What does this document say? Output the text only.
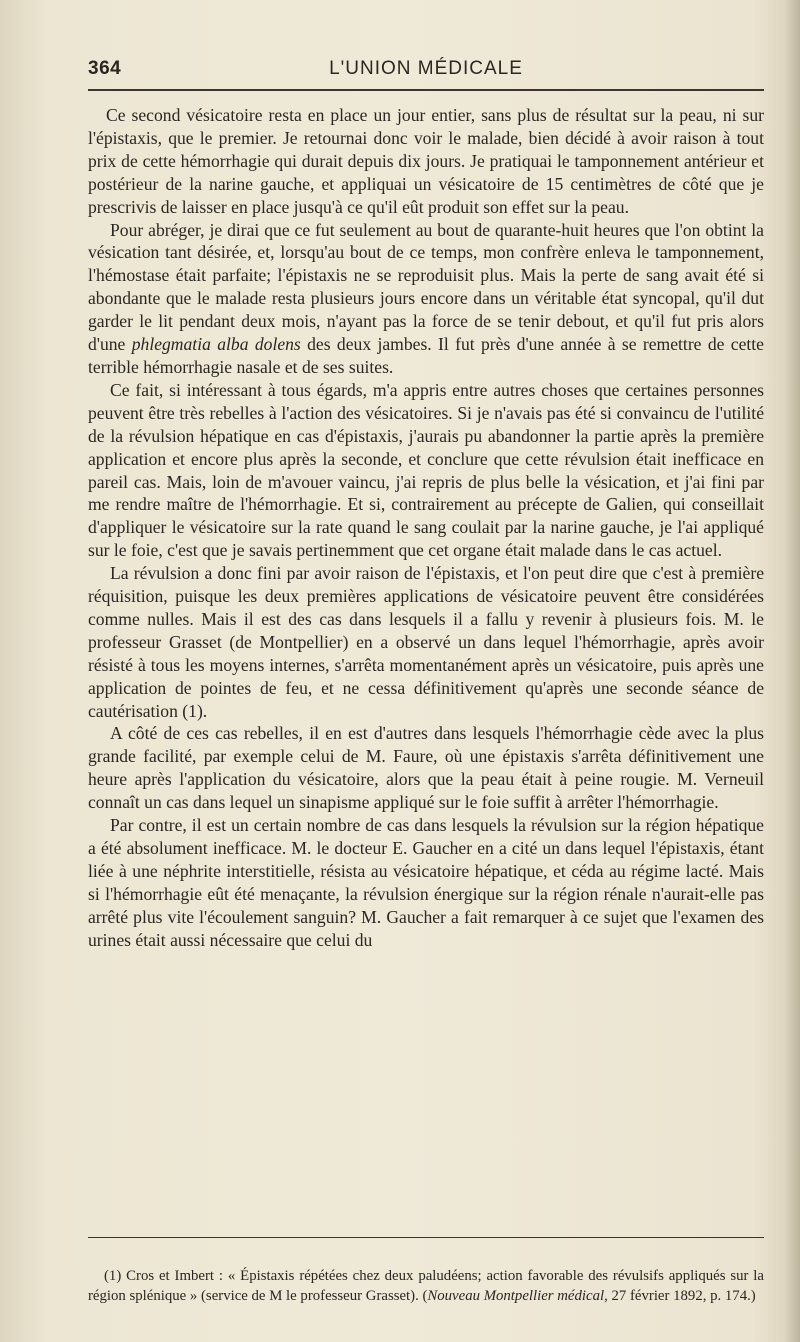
364	L'UNION MÉDICALE

Ce second vésicatoire resta en place un jour entier, sans plus de résultat sur la peau, ni sur l'épistaxis, que le premier. Je retournai donc voir le malade, bien décidé à avoir raison à tout prix de cette hémorrhagie qui durait depuis dix jours. Je pratiquai le tamponnement antérieur et postérieur de la narine gauche, et appliquai un vésicatoire de 15 centimètres de côté que je prescrivis de laisser en place jusqu'à ce qu'il eût produit son effet sur la peau.

Pour abréger, je dirai que ce fut seulement au bout de quarante-huit heures que l'on obtint la vésication tant désirée, et, lorsqu'au bout de ce temps, mon confrère enleva le tamponnement, l'hémostase était parfaite; l'épistaxis ne se reproduisit plus. Mais la perte de sang avait été si abondante que le malade resta plusieurs jours encore dans un véritable état syncopal, qu'il dut garder le lit pendant deux mois, n'ayant pas la force de se tenir debout, et qu'il fut pris alors d'une phlegmatia alba dolens des deux jambes. Il fut près d'une année à se remettre de cette terrible hémorrhagie nasale et de ses suites.

Ce fait, si intéressant à tous égards, m'a appris entre autres choses que certaines personnes peuvent être très rebelles à l'action des vésicatoires. Si je n'avais pas été si convaincu de l'utilité de la révulsion hépatique en cas d'épistaxis, j'aurais pu abandonner la partie après la première application et encore plus après la seconde, et conclure que cette révulsion était inefficace en pareil cas. Mais, loin de m'avouer vaincu, j'ai repris de plus belle la vésication, et j'ai fini par me rendre maître de l'hémorrhagie. Et si, contrairement au précepte de Galien, qui conseillait d'appliquer le vésicatoire sur la rate quand le sang coulait par la narine gauche, je l'ai appliqué sur le foie, c'est que je savais pertinemment que cet organe était malade dans le cas actuel.

La révulsion a donc fini par avoir raison de l'épistaxis, et l'on peut dire que c'est à première réquisition, puisque les deux premières applications de vésicatoire peuvent être considérées comme nulles. Mais il est des cas dans lesquels il a fallu y revenir à plusieurs fois. M. le professeur Grasset (de Montpellier) en a observé un dans lequel l'hémorrhagie, après avoir résisté à tous les moyens internes, s'arrêta momentanément après un vésicatoire, puis après une application de pointes de feu, et ne cessa définitivement qu'après une seconde séance de cautérisation (1).

A côté de ces cas rebelles, il en est d'autres dans lesquels l'hémorrhagie cède avec la plus grande facilité, par exemple celui de M. Faure, où une épistaxis s'arrêta définitivement une heure après l'application du vésicatoire, alors que la peau était à peine rougie. M. Verneuil connaît un cas dans lequel un sinapisme appliqué sur le foie suffit à arrêter l'hémorrhagie.

Par contre, il est un certain nombre de cas dans lesquels la révulsion sur la région hépatique a été absolument inefficace. M. le docteur E. Gaucher en a cité un dans lequel l'épistaxis, étant liée à une néphrite interstitielle, résista au vésicatoire hépatique, et céda au régime lacté. Mais si l'hémorrhagie eût été menaçante, la révulsion énergique sur la région rénale n'aurait-elle pas arrêté plus vite l'écoulement sanguin? M. Gaucher a fait remarquer à ce sujet que l'examen des urines était aussi nécessaire que celui du

(1) Cros et Imbert : « Épistaxis répétées chez deux paludéens; action favorable des révulsifs appliqués sur la région splénique » (service de M le professeur Grasset). (Nouveau Montpellier médical, 27 février 1892, p. 174.)
